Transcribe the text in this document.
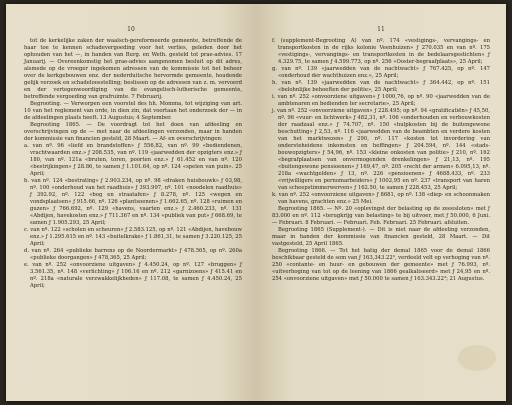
10

tot de kerkelijke zaken der waalsch-gereformeerde gemeente, betreffende de haar toe te kennen schadevergoeding voor het verlies, geleden door het ophouden van het —, in handen van Burg. en Weth. gesteld tot prae-advies. 17 Januarij. — Overeenkomstig het prae-advies aangenomen besluit op dit adres, alsmede op de vroeger ingekomen adressen van de kommissie tot het beheer over de kerkgebouwen enz. der nederduitsche hervormde gemeente, houdende gelijk verzoek en schadeloosstelling; beslissen op de adressen van z. m. vervoerd en der vertegenwoordiging van de evangelisch-lutherische gemeente, betreffende vergoeding van grafruimte. 7 Februarij.

Begrooting. — Verworpen een voorstel des hh. Momma, tot wijziging van art. 10 van het reglement van orde, in dien zin, dat voortaan het onderzoek der — in de afdeelingen plaats heeft. 13 Augustus; 4 September.

Begrooting 1865. — De voordragt tot het doen van afdeeling en overschrijvingen op de — met naar de afdeelingen verzonden, maar in handen der kommissie van financien gesteld, 28 Maart. — Af- en overschrijvingen:

a. van nº. 96 «liefd en brandstoffen» ƒ 556,82, van nº. 99 «bediendenen, vrachtwaarden enz.» ƒ 208.535, van nº. 119 «jaarwedden der opzigters enz.» ƒ 180, van nº. 121a «bruten, toren, poorten enz.» ƒ 61.452 en van nº. 120 «bestrijkingen» ƒ 28.86, te samen ƒ 1.101.64, op nº. 124 «spelen van puin». 25 April;

b. van nº. 124 «bestrating» ƒ 2.903.234, op nº. 98 «draken huisbouwk» ƒ 03,98, nº. 100 «onderhoud van het raadhuis» ƒ 393.997, nº. 101 «noodelen raadhuis» ƒ 392.92, nº. 122 «bog en straatafen» ƒ 8.278, nº. 125 «wegen en vondsplaatsen» ƒ 915.66, nº. 126 «plantsoenen» ƒ 1.662.65, nº. 128 «ruimen en guzen» ƒ 766.692, nº. 129 «havens, vaarten enz.» ƒ 2.460.233, nº. 131 «Abdijen, havekosten enz.» ƒ 711.367 en nº. 134 «publiek van put» ƒ 668.69, te samen ƒ 1.905.293, 25 April;

c. van nº. 122 «scholen en scheuren» ƒ 2.583.125, op nº. 121 «Abdijen, havebouw enz.» ƒ 1.295.615 en nº. 143 «buitelkrake» ƒ 1.861,31, te samen ƒ 3.220.125, 25 April;

d. van nº. 264 «publieke barrens op de Noordermarkt» ƒ 478.565, op nº. 260a «publieke doorgangen» ƒ 478,365, 25 April;

e. van nº. 252 «onvoorziene uitgaven» ƒ 4.450.24, op nº. 127 «bruggen» ƒ 3.561.35, nº. 148 «verlichting» ƒ 106.16 en nº. 212 «garnizoens» ƒ 415.41 en nº. 218a «naturale verzwakkelijkheden» ƒ 117.08, te samen ƒ 4.450.24, 25 April;

11

f. (supplement-Begrooting A) van nº. 174 «vestigings-, vervangings- en transportkosten in de rijks kolonie Veenhuizen» ƒ 270.035 en van nº. 175 «vestigings-, vervangings- en transportkosten in de bedelaarsgestichten» ƒ 4.329.75, te samen ƒ 4.599.773, op nº. 256 «Ooster-begraafplaats», 25 April;

g. van nº. 139 «jaarwedden van de nachtwacht» ƒ 767.425, op nº. 147 «onderhoud der wachthuizen enz.», 25 April;

h. van nº. 139 «jaarwedden van de nachtwacht» ƒ 364.442, op nº. 151 «belohnlijke behoeften der politie», 25 April;

i. van nº. 252 «onvoorziene uitgaven» ƒ 1000,76, op nº. 90 «jaarwedden van de ambtenaren en bedienden ter secretarie», 25 April;

j. van nº. 252 «onvoorziene uitgaven» ƒ 228.495; op nº. 94 «gratificatiën» ƒ 45,50, nº. 96 «vuur- en lichtwerk» ƒ 482,31, nº. 106 «onderhouden en verbouwkosten der raadzaal enz.» ƒ 74.707, nº. 150 «hulpkosten bij de buitengewone beschutting» ƒ 2,53, nº. 116 «jaarwedden van de beambten en verdere kosten van het marktwezen» ƒ 290, nº. 117 «kosten tot invordering van ondersteheidene inkomsten en heffingen» ƒ 204.594, nº. 144 «stads-bouwopzigters» ƒ 54,96, nº. 153 «kleine onkosten van politie» ƒ 210, nº. 162 «begrafplaatsen van onvermogenden drenkelingen» ƒ 21,13, nº. 195 «buitengewone pensioenen» ƒ 169,47, nº. 205 «recht der armen» 6.095,13, nº. 218a «wachtgelden» ƒ 13, nº. 226 «pensioenen» ƒ 4688.433, nº. 233 «vrijwilligers en pernomarbeiders» ƒ 1002,95 en nº. 237 «transport van haren van scheepstimmerwerven» ƒ 162.50, te samen ƒ 228.453, 25 April;

k. van nº. 252 «onvoorziene uitgaven» ƒ 8681, op nº. 138 «diep- en schoonmaken van havens, grachten enz.» 25 Mei.

Begrooting 1865. — Nº. 20 «oplevingst der belasting op de zeeesloten» met ƒ 83.000 en nº. 112 «terugkrijg van belasting» te bij uitvoer, met ƒ 50.000, 6 Juni. — Februari. 8 Februari. — Februari. Feb. Februari. 25 Februari. afsluiten.

Begrooting 1865 (Supplement-). — Dit is niet naar de afdeeling verzonden, maar in handen der kommissie van financien gesteld, 28 Maart. — Dit vastgesteld, 25 April 1865.

Begrooting 1866. — Tot het batig der demal 1865 voor de demal 1866 beschikbaar gesteld de som van ƒ 163,343.22³, verdeeld velt op verhoging van nº. 250 «contante- en huur- en gebouwen der gemeente» met ƒ 76.993, nº. «uitverhoging van tot op de leening van 1866 gealkaliseerd» met ƒ 24,95 en nº. 254 «onvoorziene uitgaven» met ƒ 50.000 te samen ƒ 163.343.22³; 21 Augustus.
